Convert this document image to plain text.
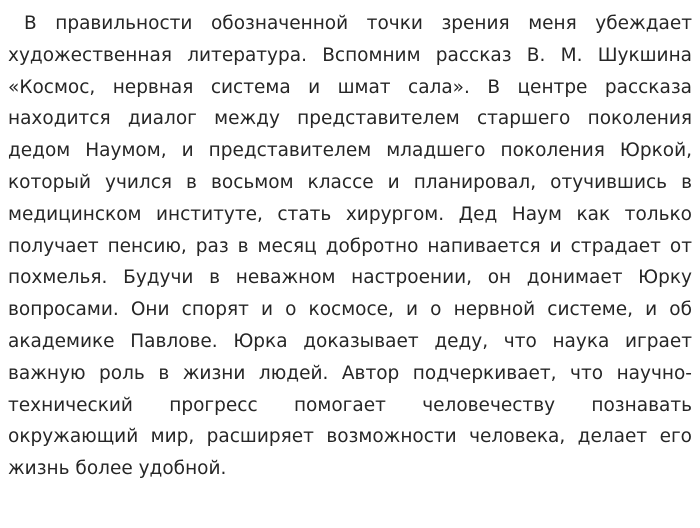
В правильности обозначенной точки зрения меня убеждает художественная литература. Вспомним рассказ В. М. Шукшина «Космос, нервная система и шмат сала». В центре рассказа находится диалог между представителем старшего поколения дедом Наумом, и представителем младшего поколения Юркой, который учился в восьмом классе и планировал, отучившись в медицинском институте, стать хирургом. Дед Наум как только получает пенсию, раз в месяц добротно напивается и страдает от похмелья. Будучи в неважном настроении, он донимает Юрку вопросами. Они спорят и о космосе, и о нервной системе, и об академике Павлове. Юрка доказывает деду, что наука играет важную роль в жизни людей. Автор подчеркивает, что научно-технический прогресс помогает человечеству познавать окружающий мир, расширяет возможности человека, делает его жизнь более удобной.
